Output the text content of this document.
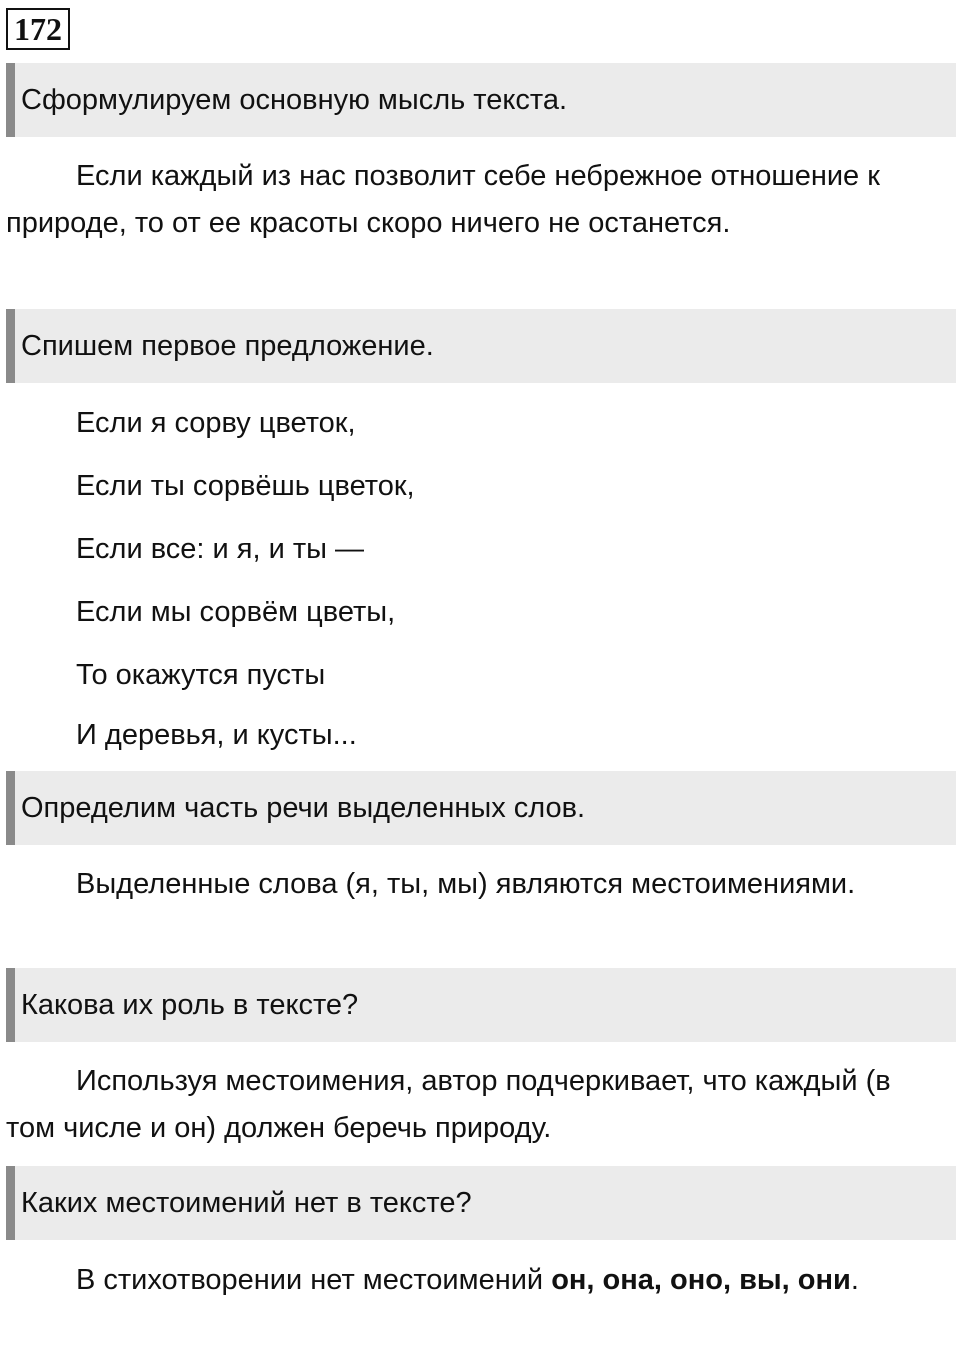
172
Сформулируем основную мысль текста.

Если каждый из нас позволит себе небрежное отношение к природе, то от ее красоты скоро ничего не останется.

Спишем первое предложение.
Если я сорву цветок,
Если ты сорвёшь цветок,
Если все: и я, и ты —
Если мы сорвём цветы,
То окажутся пусты
И деревья, и кусты...
Определим часть речи выделенных слов.

Выделенные слова (я, ты, мы) являются местоимениями.

Какова их роль в тексте?

Используя местоимения, автор подчеркивает, что каждый (в том числе и он) должен беречь природу.

Каких местоимений нет в тексте?

В стихотворении нет местоимений он, она, оно, вы, они.
